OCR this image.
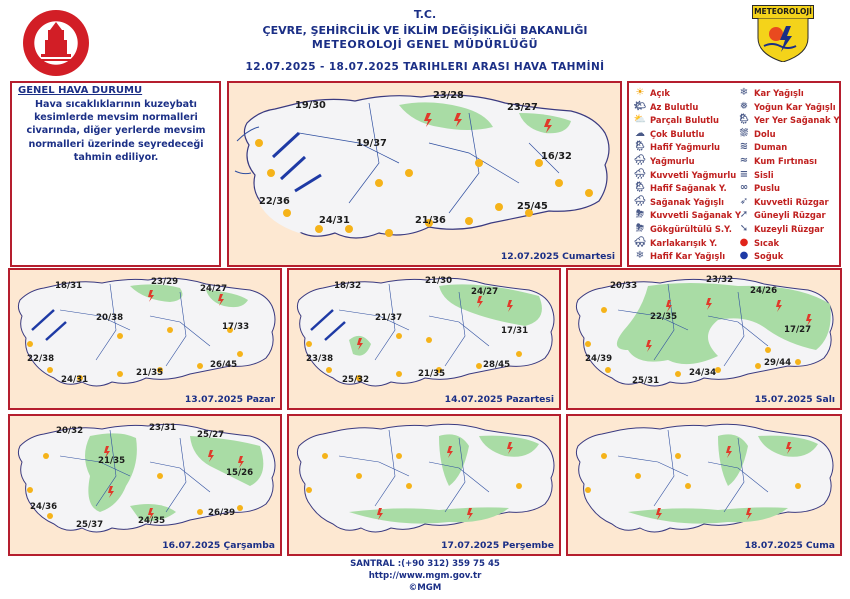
T.C.
ÇEVRE, ŞEHİRCİLİK VE İKLİM DEĞİŞİKLİĞİ BAKANLIĞI
METEOROLOJİ GENEL MÜDÜRLÜĞÜ
12.07.2025 - 18.07.2025 TARIHLERI ARASI HAVA TAHMİNİ
METEOROLOJİ
GENEL HAVA DURUMU
Hava sıcaklıklarının kuzeybatı kesimlerde mevsim normalleri civarında, diğer yerlerde mevsim normalleri üzerinde seyredeceği tahmin ediliyor.
19/30
23/28
23/27
19/37
16/32
22/36
24/31	21/36
25/45
12.07.2025 Cumartesi
☀ Açık
🌤 Az Bulutlu
⛅ Parçalı Bulutlu
☁ Çok Bulutlu
🌦 Hafif Yağmurlu
🌧 Yağmurlu
🌧 Kuvvetli Yağmurlu
🌦 Hafif Sağanak Y.
🌧 Sağanak Yağışlı
⛈ Kuvvetli Sağanak Y
⛈ Gökgürültülü S.Y.
🌨 Karlakarışık Y.
❄ Hafif Kar Yağışlı
❄ Kar Yağışlı
❅ Yoğun Kar Yağışlı
🌦 Yer Yer Sağanak Y.
⛆ Dolu
≋ Duman
≈ Kum Fırtınası
≡ Sisli
∞ Puslu
➶ Kuvvetli Rüzgar
➚ Güneyli Rüzgar
➘ Kuzeyli Rüzgar
● Sıcak
● Soğuk
18/31	23/29
24/27
20/38
17/33
22/38
26/45
24/31
21/35
13.07.2025 Pazar
18/32	21/30
24/27
21/37
17/31
23/38
28/45
25/32
21/35
14.07.2025 Pazartesi
20/33
23/32
24/26
22/35
17/27
24/39	29/44
25/31
24/34
15.07.2025 Salı
20/32	23/31
25/27
21/35
15/26
24/36
26/39
25/37	24/35
16.07.2025 Çarşamba	17.07.2025 Perşembe	18.07.2025 Cuma
SANTRAL :(+90 312) 359 75 45
http://www.mgm.gov.tr
©MGM
